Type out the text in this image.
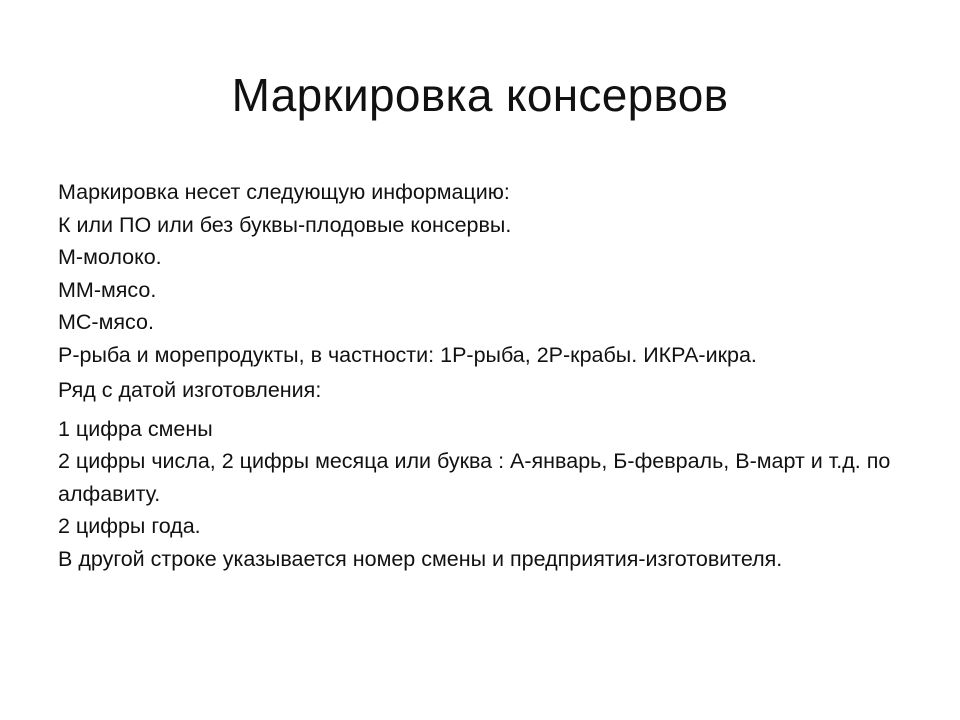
Маркировка консервов

Маркировка несет следующую информацию:

К или ПО или без буквы-плодовые консервы.

М-молоко.

ММ-мясо.

МС-мясо.

Р-рыба и морепродукты, в частности: 1Р-рыба, 2Р-крабы. ИКРА-икра.

Ряд с датой изготовления:

1 цифра смены

2 цифры числа, 2 цифры месяца или буква : А-январь, Б-февраль, В-март и т.д. по алфавиту.

2 цифры года.

В другой строке указывается номер смены и предприятия-изготовителя.
